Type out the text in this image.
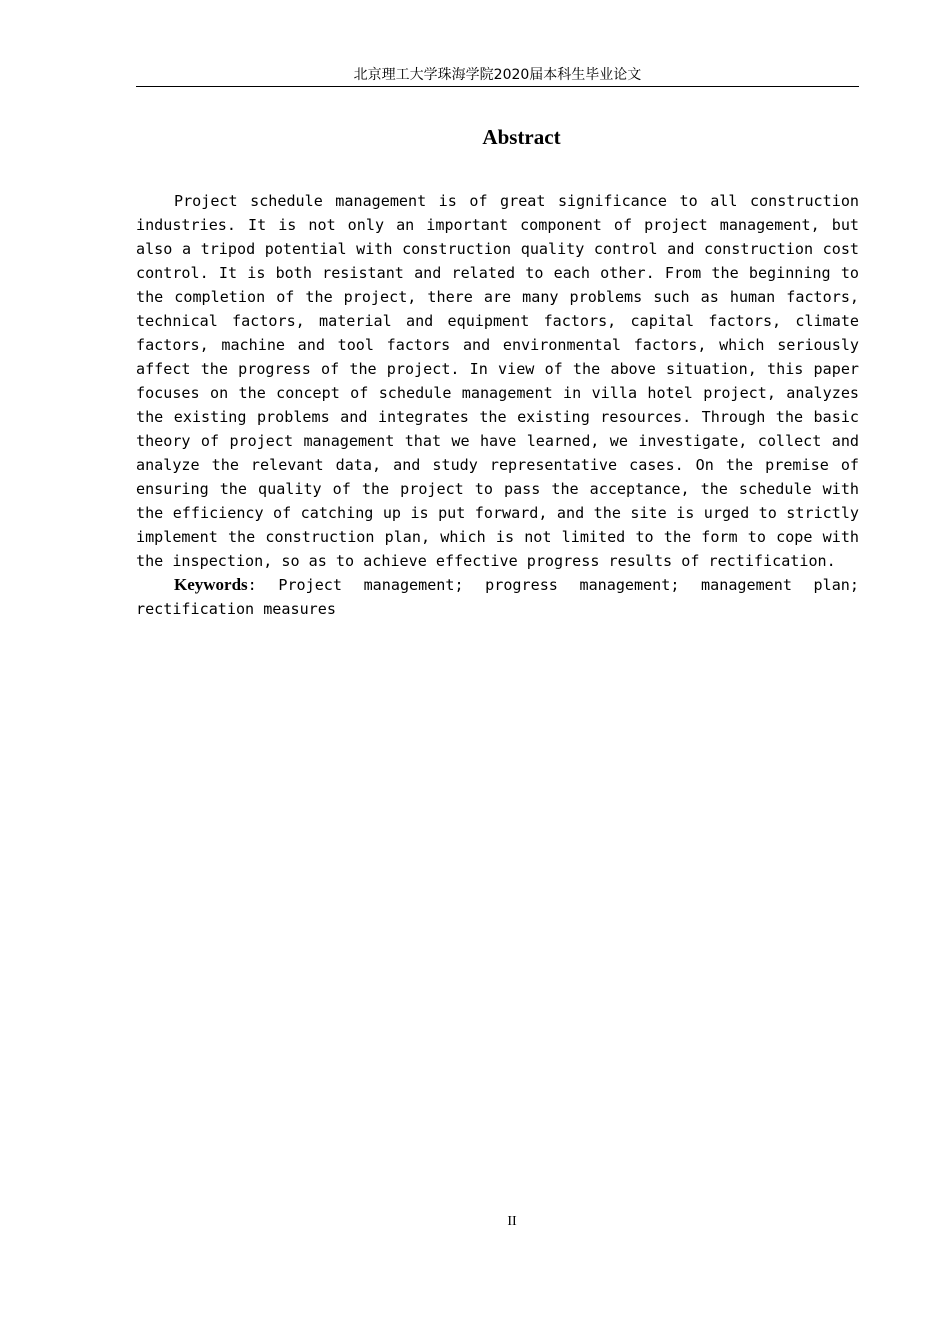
北京理工大学珠海学院2020届本科生毕业论文
Abstract

Project schedule management is of great significance to all construction industries. It is not only an important component of project management, but also a tripod potential with construction quality control and construction cost control. It is both resistant and related to each other. From the beginning to the completion of the project, there are many problems such as human factors, technical factors, material and equipment factors, capital factors, climate factors, machine and tool factors and environmental factors, which seriously affect the progress of the project. In view of the above situation, this paper focuses on the concept of schedule management in villa hotel project, analyzes the existing problems and integrates the existing resources. Through the basic theory of project management that we have learned, we investigate, collect and analyze the relevant data, and study representative cases. On the premise of ensuring the quality of the project to pass the acceptance, the schedule with the efficiency of catching up is put forward, and the site is urged to strictly implement the construction plan, which is not limited to the form to cope with the inspection, so as to achieve effective progress results of rectification.

Keywords: Project management; progress management; management plan; rectification measures

II
